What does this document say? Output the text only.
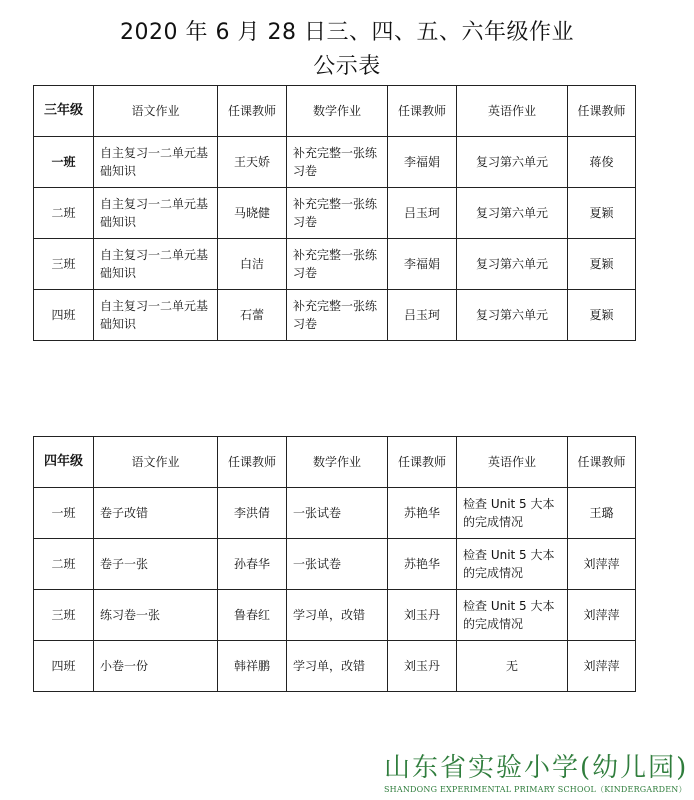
2020 年 6 月 28 日三、四、五、六年级作业
公示表
三年级	语文作业	任课教师	数学作业	任课教师	英语作业	任课教师
一班	自主复习一二单元基础知识	王天娇	补充完整一张练习卷	李福娟	复习第六单元	蒋俊
二班	自主复习一二单元基础知识	马晓健	补充完整一张练习卷	吕玉珂	复习第六单元	夏颖
三班	自主复习一二单元基础知识	白洁	补充完整一张练习卷	李福娟	复习第六单元	夏颖
四班	自主复习一二单元基础知识	石蕾	补充完整一张练习卷	吕玉珂	复习第六单元	夏颖
四年级	语文作业	任课教师	数学作业	任课教师	英语作业	任课教师
一班	卷子改错	李洪倩	一张试卷	苏艳华	检查 Unit 5 大本的完成情况	王璐
二班	卷子一张	孙春华	一张试卷	苏艳华	检查 Unit 5 大本的完成情况	刘萍萍
三班	练习卷一张	鲁春红	学习单，改错	刘玉丹	检查 Unit 5 大本的完成情况	刘萍萍
四班	小卷一份	韩祥鹏	学习单，改错	刘玉丹	无	刘萍萍
山东省实验小学(幼儿园)
SHANDONG EXPERIMENTAL PRIMARY SCHOOL（KINDERGARDEN）
